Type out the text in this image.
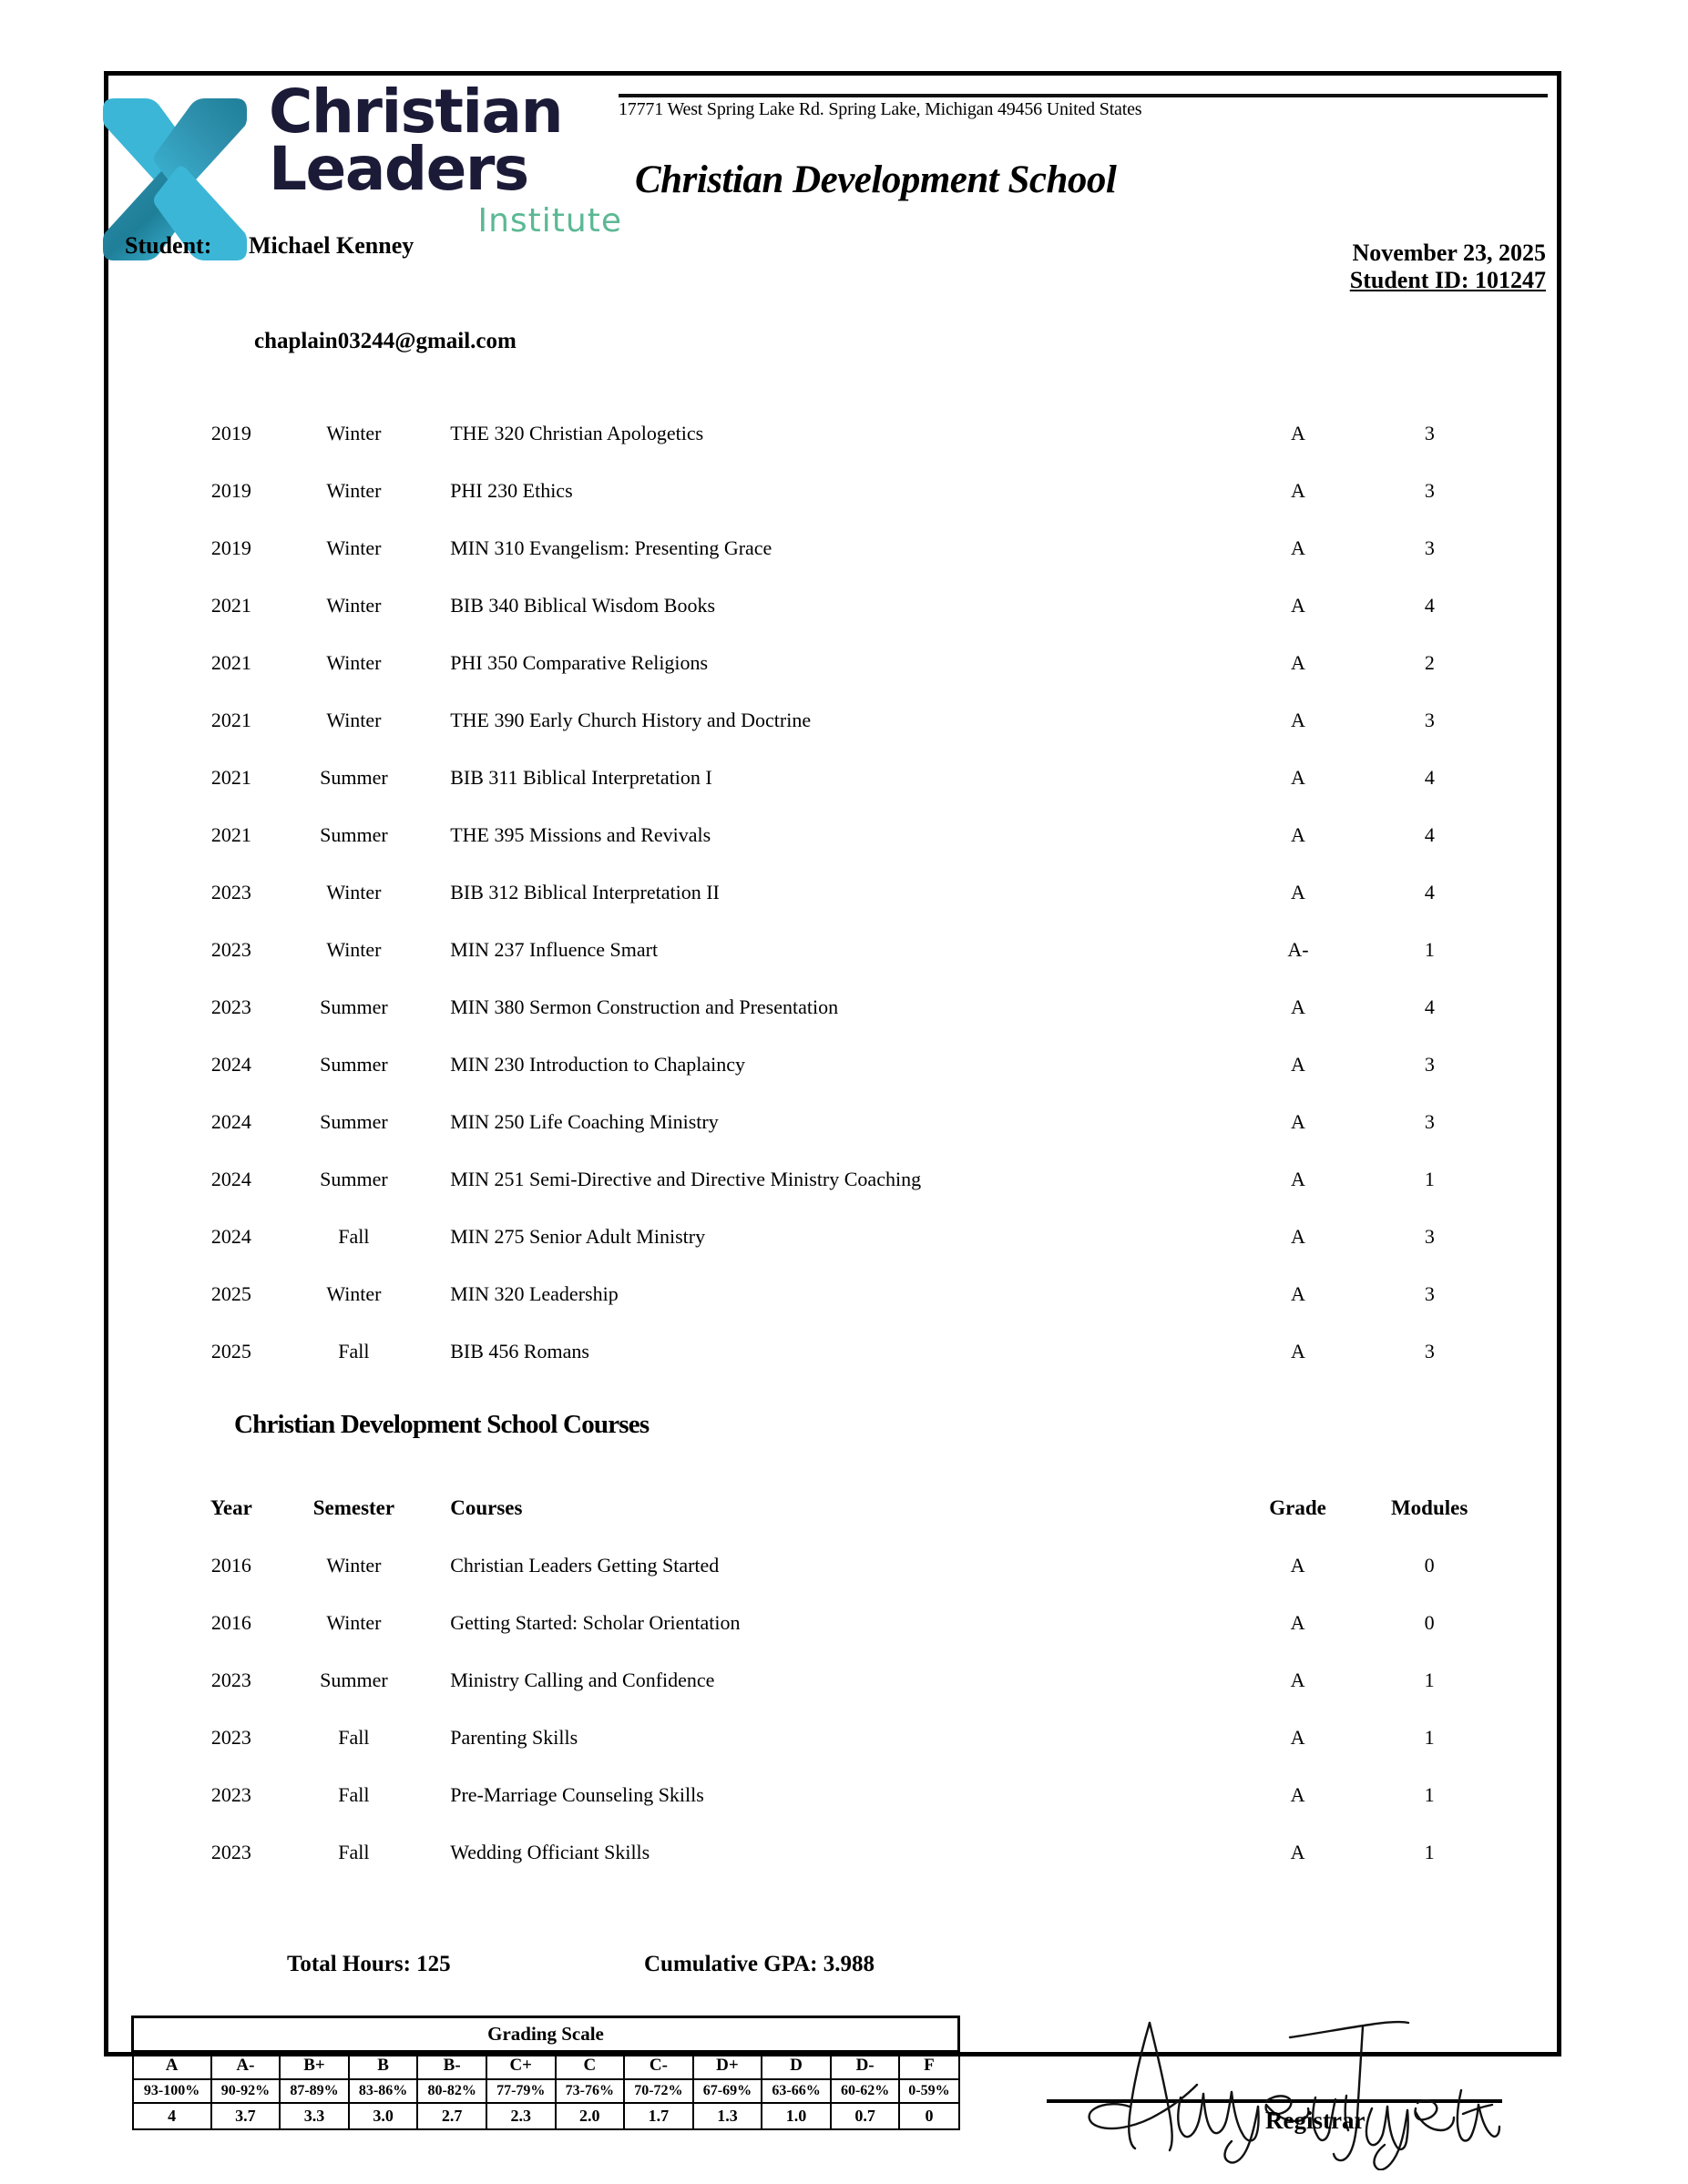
Christian
Leaders
Institute
17771 West Spring Lake Rd. Spring Lake, Michigan 49456 United States
Christian Development School
Student: Michael Kenney	November 23, 2025
Student ID: 101247
chaplain03244@gmail.com
2019	Winter	THE 320 Christian Apologetics	A	3
2019	Winter	PHI 230 Ethics	A	3
2019	Winter	MIN 310 Evangelism: Presenting Grace	A	3
2021	Winter	BIB 340 Biblical Wisdom Books	A	4
2021	Winter	PHI 350 Comparative Religions	A	2
2021	Winter	THE 390 Early Church History and Doctrine	A	3
2021	Summer	BIB 311 Biblical Interpretation I	A	4
2021	Summer	THE 395 Missions and Revivals	A	4
2023	Winter	BIB 312 Biblical Interpretation II	A	4
2023	Winter	MIN 237 Influence Smart	A-	1
2023	Summer	MIN 380 Sermon Construction and Presentation	A	4
2024	Summer	MIN 230 Introduction to Chaplaincy	A	3
2024	Summer	MIN 250 Life Coaching Ministry	A	3
2024	Summer	MIN 251 Semi-Directive and Directive Ministry Coaching	A	1
2024	Fall	MIN 275 Senior Adult Ministry	A	3
2025	Winter	MIN 320 Leadership	A	3
2025	Fall	BIB 456 Romans	A	3
Christian Development School Courses
Year	Semester	Courses	Grade	Modules
2016	Winter	Christian Leaders Getting Started	A	0
2016	Winter	Getting Started: Scholar Orientation	A	0
2023	Summer	Ministry Calling and Confidence	A	1
2023	Fall	Parenting Skills	A	1
2023	Fall	Pre-Marriage Counseling Skills	A	1
2023	Fall	Wedding Officiant Skills	A	1
Total Hours: 125	Cumulative GPA: 3.988
Grading Scale											
A	A-	B+	B	B-	C+	C	C-	D+	D	D-	F
93-100%	90-92%	87-89%	83-86%	80-82%	77-79%	73-76%	70-72%	67-69%	63-66%	60-62%	0-59%
4	3.7	3.3	3.0	2.7	2.3	2.0	1.7	1.3	1.0	0.7	0	Registrar
